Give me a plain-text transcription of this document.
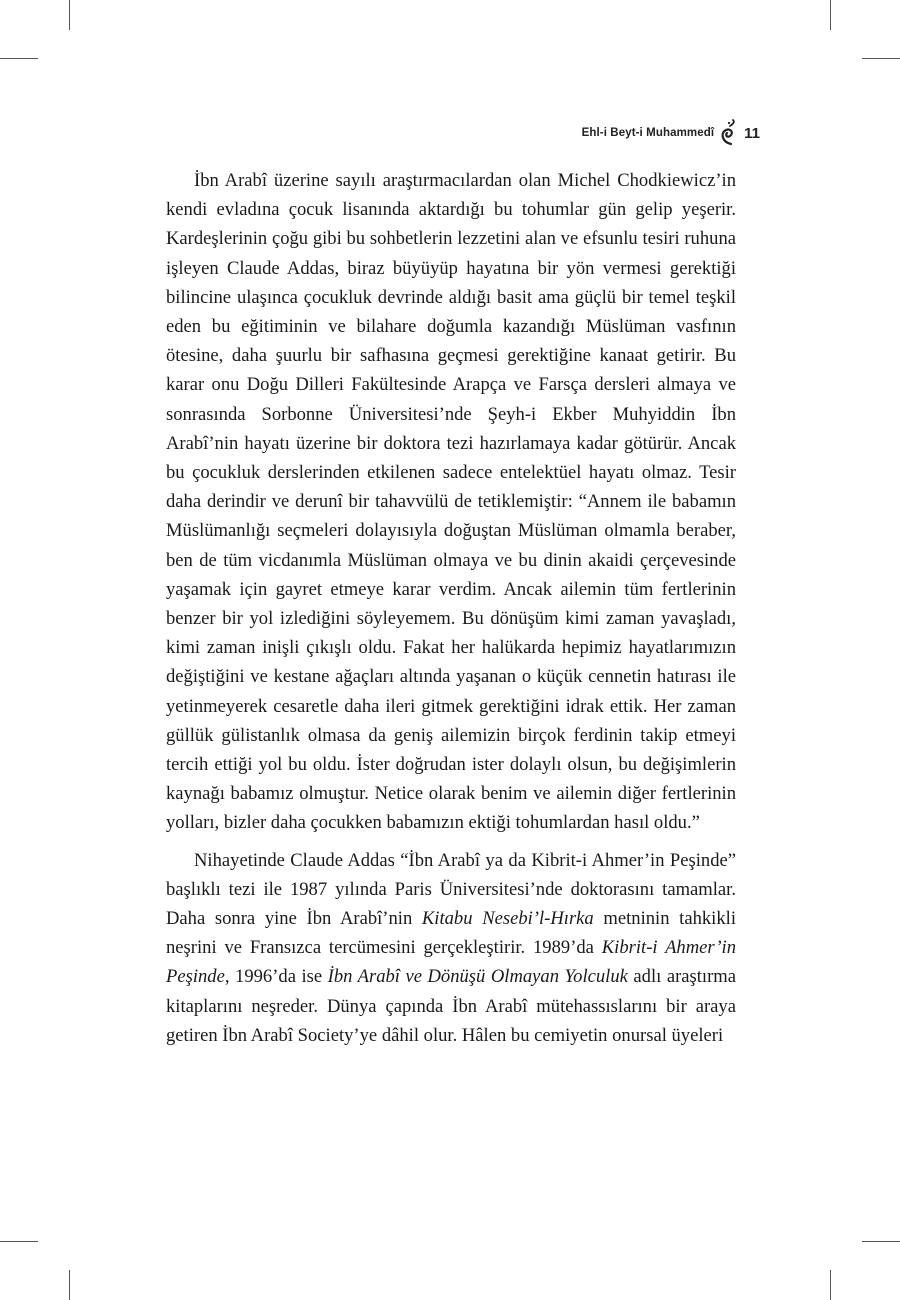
Ehl-i Beyt-i Muhammedî 11

İbn Arabî üzerine sayılı araştırmacılardan olan Michel Chodkiewicz’in kendi evladına çocuk lisanında aktardığı bu tohumlar gün gelip yeşerir. Kardeşlerinin çoğu gibi bu sohbetlerin lezzetini alan ve efsunlu tesiri ruhuna işleyen Claude Addas, biraz büyüyüp hayatına bir yön vermesi gerektiği bilincine ulaşınca çocukluk devrinde aldığı basit ama güçlü bir temel teşkil eden bu eğitiminin ve bilahare doğumla kazandığı Müslüman vasfının ötesine, daha şuurlu bir safhasına geçmesi gerektiğine kanaat getirir. Bu karar onu Doğu Dilleri Fakültesinde Arapça ve Farsça dersleri almaya ve sonrasında Sorbonne Üniversitesi’nde Şeyh-i Ekber Muhyiddin İbn Arabî’nin hayatı üzerine bir doktora tezi hazırlamaya kadar götürür. Ancak bu çocukluk derslerinden etkilenen sadece entelektüel hayatı olmaz. Tesir daha derindir ve derunî bir tahavvülü de tetiklemiştir: “Annem ile babamın Müslümanlığı seçmeleri dolayısıyla doğuştan Müslüman olmamla beraber, ben de tüm vicdanımla Müslüman olmaya ve bu dinin akaidi çerçevesinde yaşamak için gayret etmeye karar verdim. Ancak ailemin tüm fertlerinin benzer bir yol izlediğini söyleyemem. Bu dönüşüm kimi zaman yavaşladı, kimi zaman inişli çıkışlı oldu. Fakat her halükarda hepimiz hayatlarımızın değiştiğini ve kestane ağaçları altında yaşanan o küçük cennetin hatırası ile yetinmeyerek cesaretle daha ileri gitmek gerektiğini idrak ettik. Her zaman güllük gülistanlık olmasa da geniş ailemizin birçok ferdinin takip etmeyi tercih ettiği yol bu oldu. İster doğrudan ister dolaylı olsun, bu değişimlerin kaynağı babamız olmuştur. Netice olarak benim ve ailemin diğer fertlerinin yolları, bizler daha çocukken babamızın ektiği tohumlardan hasıl oldu.”

Nihayetinde Claude Addas “İbn Arabî ya da Kibrit-i Ahmer’in Peşinde” başlıklı tezi ile 1987 yılında Paris Üniversitesi’nde doktorasını tamamlar. Daha sonra yine İbn Arabî’nin Kitabu Nesebi’l-Hırka metninin tahkikli neşrini ve Fransızca tercümesini gerçekleştirir. 1989’da Kibrit-i Ahmer’in Peşinde, 1996’da ise İbn Arabî ve Dönüşü Olmayan Yolculuk adlı araştırma kitaplarını neşreder. Dünya çapında İbn Arabî mütehassıslarını bir araya getiren İbn Arabî Society’ye dâhil olur. Hâlen bu cemiyetin onursal üyeleri
